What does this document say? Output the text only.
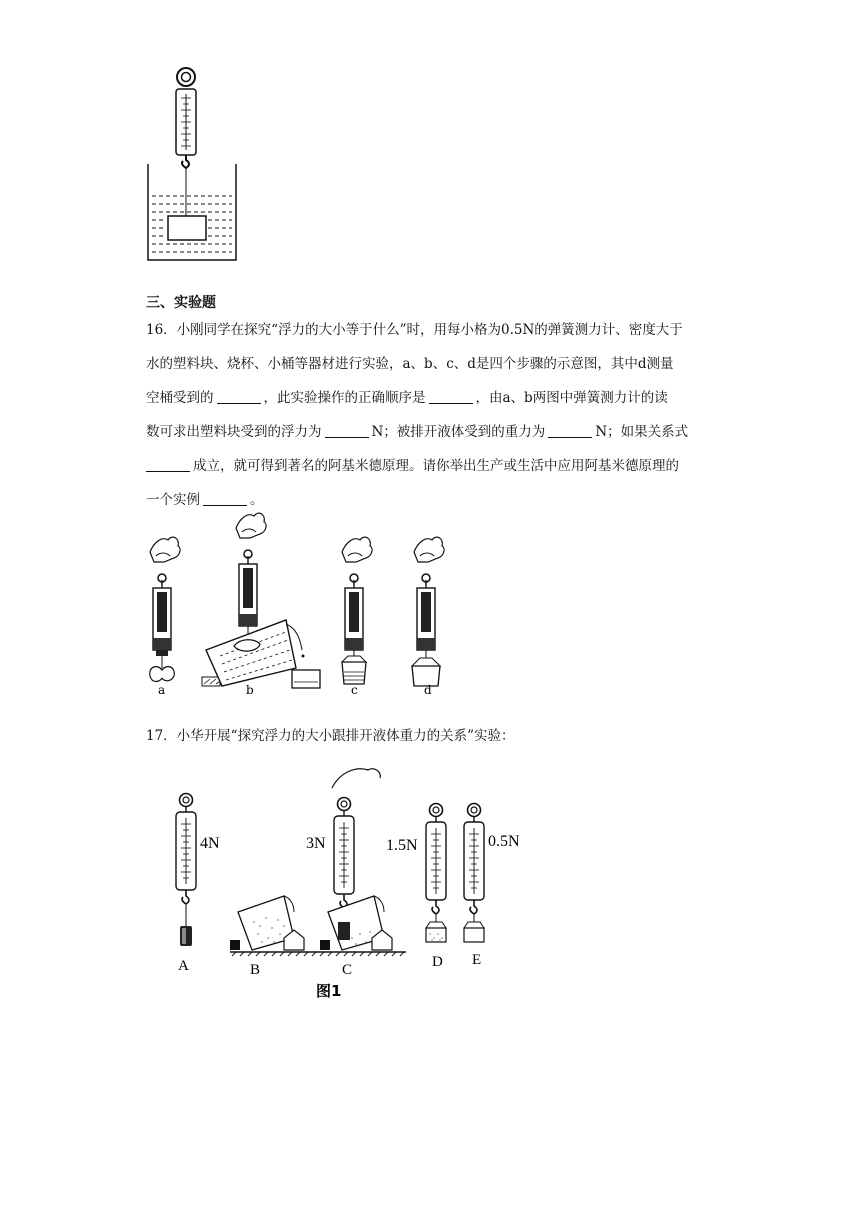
三、实验题
16．小刚同学在探究“浮力的大小等于什么”时，用每小格为0.5N的弹簧测力计、密度大于
水的塑料块、烧杯、小桶等器材进行实验，a、b、c、d是四个步骤的示意图，其中d测量
空桶受到的	，此实验操作的正确顺序是	，由a、b两图中弹簧测力计的读
数可求出塑料块受到的浮力为	N；被排开液体受到的重力为	N；如果关系式
成立，就可得到著名的阿基米德原理。请你举出生产或生活中应用阿基米德原理的
一个实例	。
a	b	c	d
17．小华开展“探究浮力的大小跟排开液体重力的关系”实验：
4N
A	B
3N
C
1.5N
D
0.5N
E
图1
